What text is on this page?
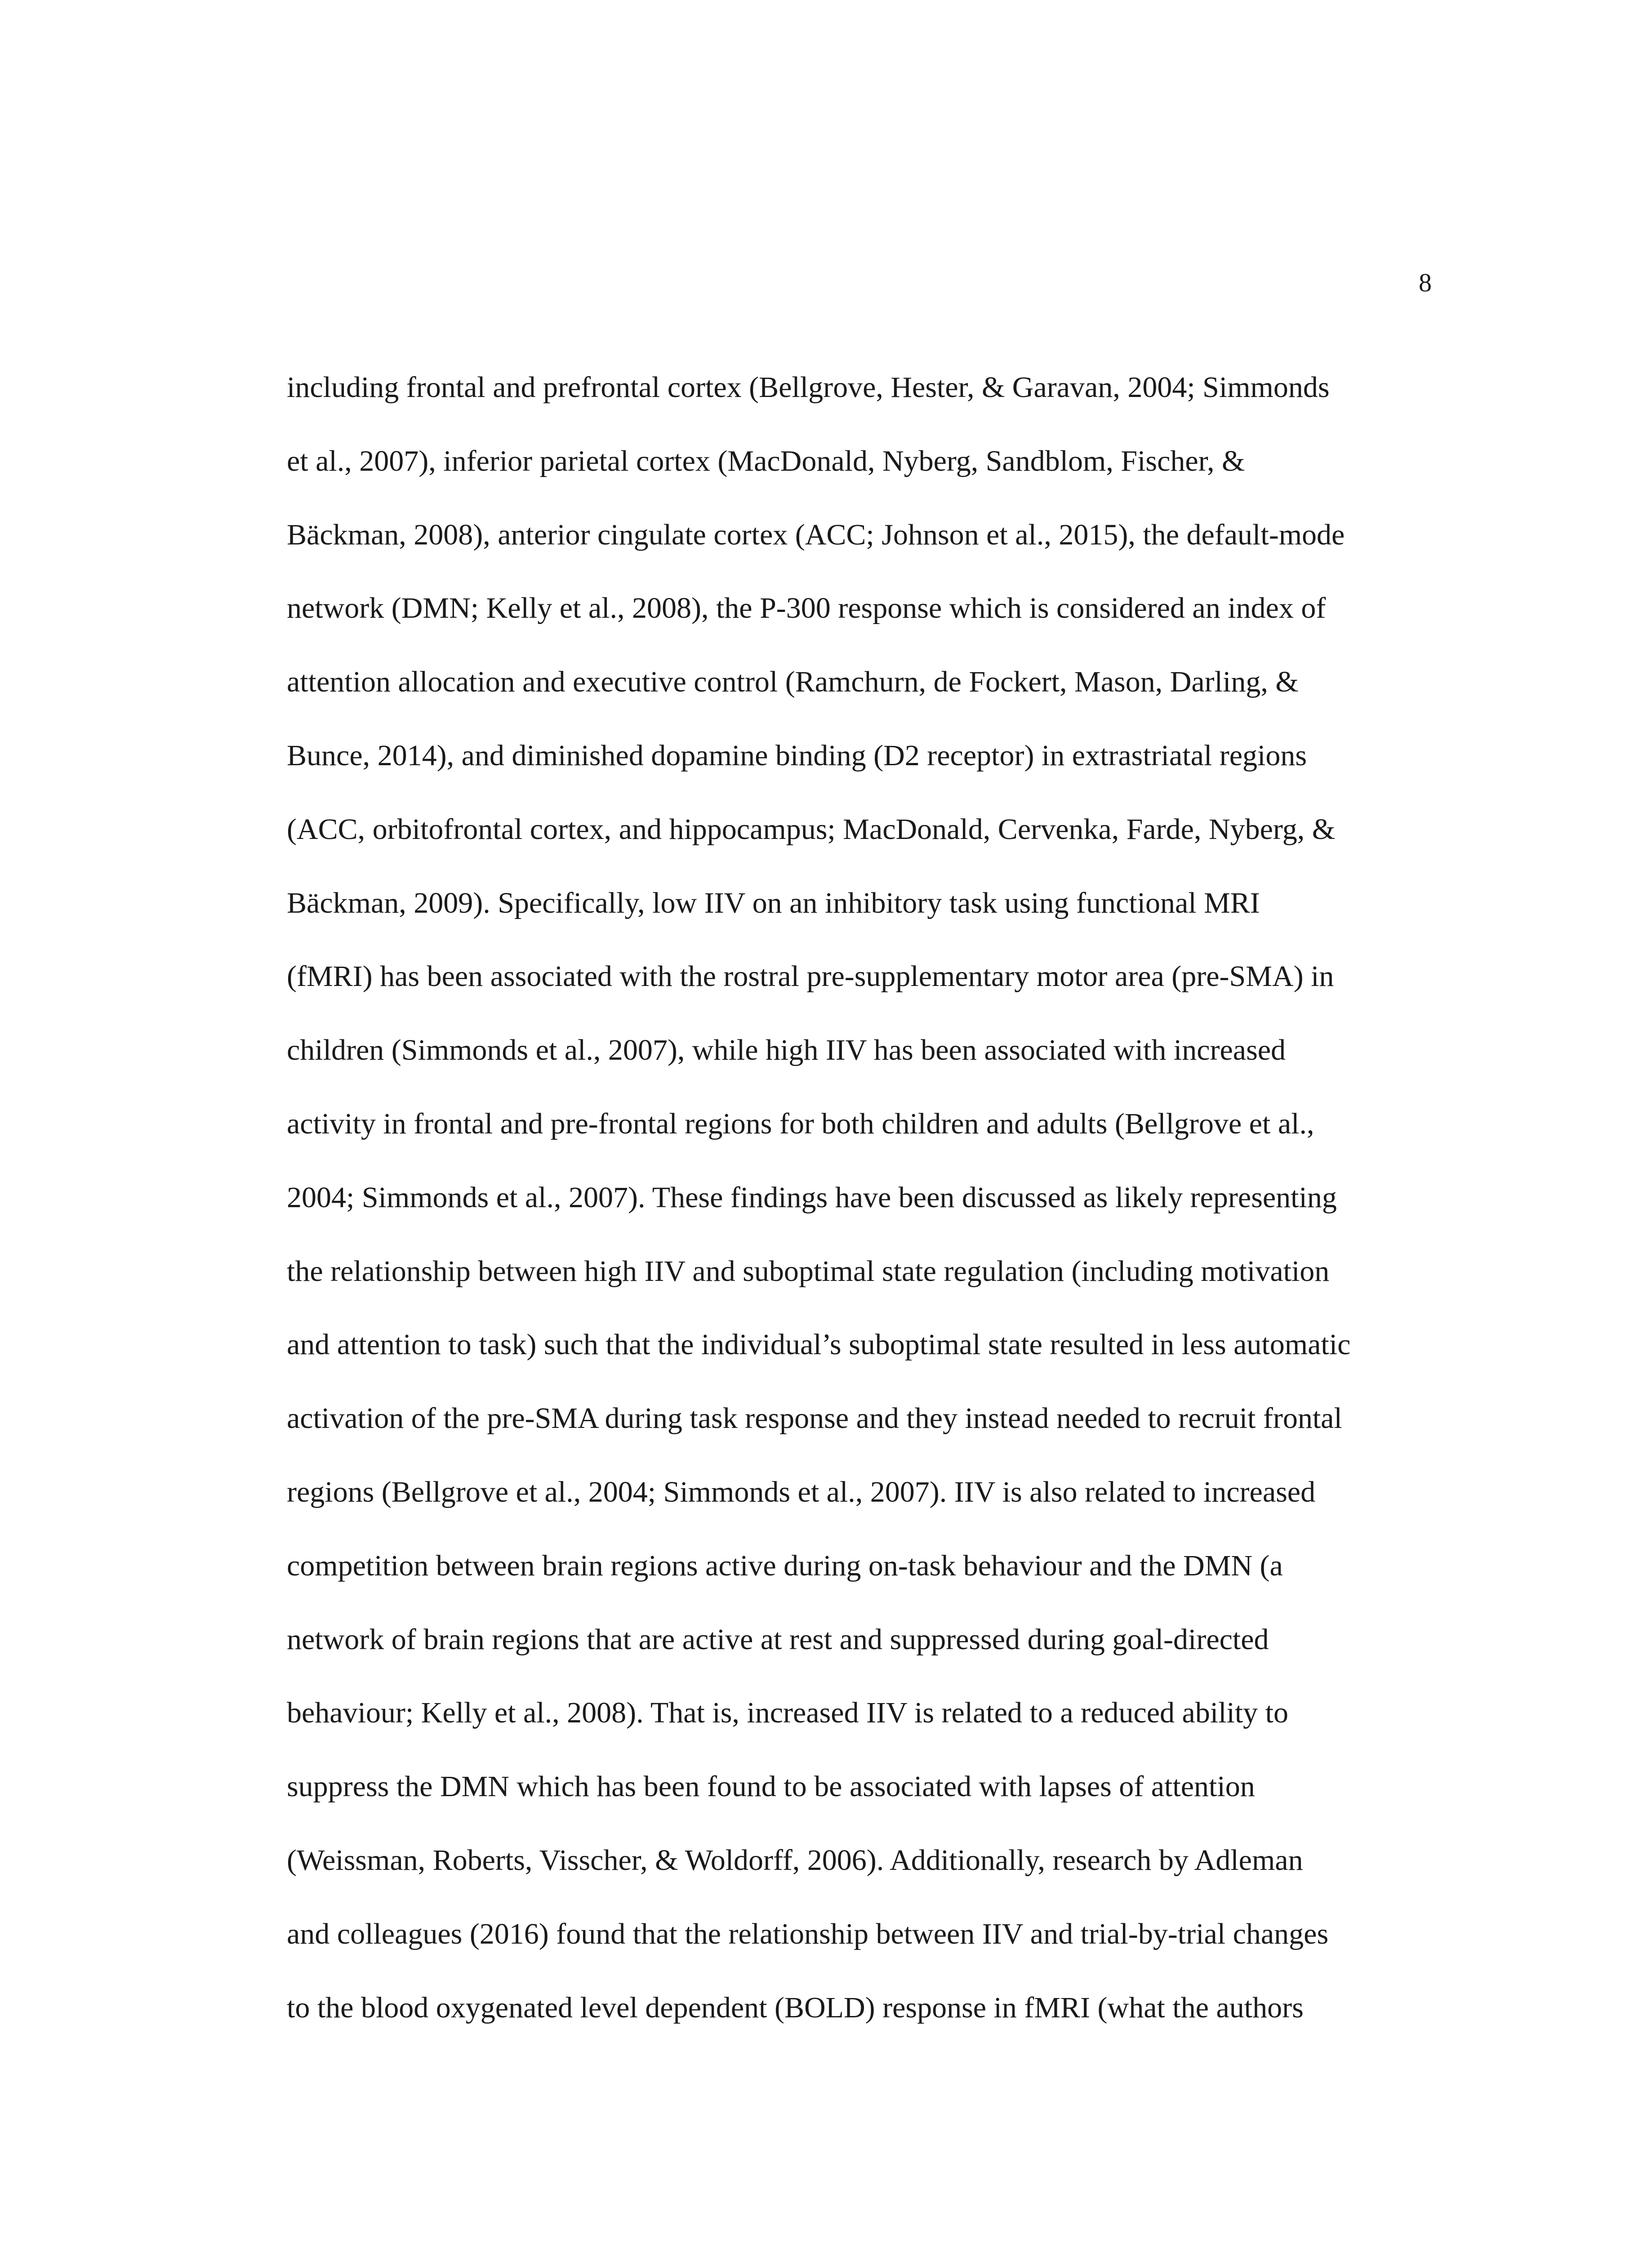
8

including frontal and prefrontal cortex (Bellgrove, Hester, & Garavan, 2004; Simmonds
et al., 2007), inferior parietal cortex (MacDonald, Nyberg, Sandblom, Fischer, &
Bäckman, 2008), anterior cingulate cortex (ACC; Johnson et al., 2015), the default-mode
network (DMN; Kelly et al., 2008), the P-300 response which is considered an index of
attention allocation and executive control (Ramchurn, de Fockert, Mason, Darling, &
Bunce, 2014), and diminished dopamine binding (D2 receptor) in extrastriatal regions
(ACC, orbitofrontal cortex, and hippocampus; MacDonald, Cervenka, Farde, Nyberg, &
Bäckman, 2009). Specifically, low IIV on an inhibitory task using functional MRI
(fMRI) has been associated with the rostral pre-supplementary motor area (pre-SMA) in
children (Simmonds et al., 2007), while high IIV has been associated with increased
activity in frontal and pre-frontal regions for both children and adults (Bellgrove et al.,
2004; Simmonds et al., 2007). These findings have been discussed as likely representing
the relationship between high IIV and suboptimal state regulation (including motivation
and attention to task) such that the individual’s suboptimal state resulted in less automatic
activation of the pre-SMA during task response and they instead needed to recruit frontal
regions (Bellgrove et al., 2004; Simmonds et al., 2007). IIV is also related to increased
competition between brain regions active during on-task behaviour and the DMN (a
network of brain regions that are active at rest and suppressed during goal-directed
behaviour; Kelly et al., 2008). That is, increased IIV is related to a reduced ability to
suppress the DMN which has been found to be associated with lapses of attention
(Weissman, Roberts, Visscher, & Woldorff, 2006). Additionally, research by Adleman
and colleagues (2016) found that the relationship between IIV and trial-by-trial changes
to the blood oxygenated level dependent (BOLD) response in fMRI (what the authors
